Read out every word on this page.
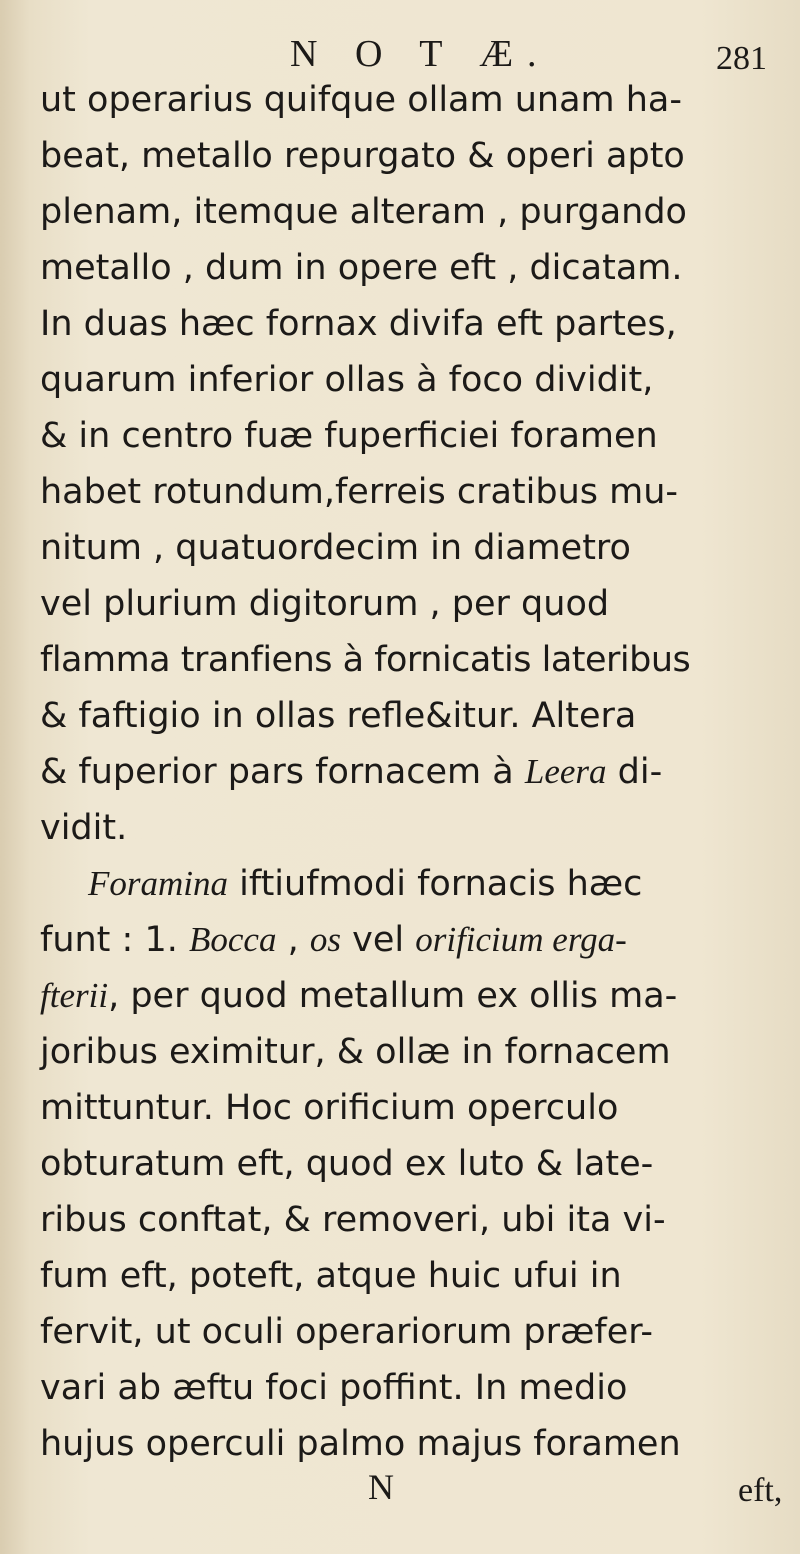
N O T Æ.	281
ut operarius quifque ollam unam ha-
beat, metallo repurgato & operi apto
plenam, itemque alteram , purgando
metallo , dum in opere eft , dicatam.
In duas hæc fornax divifa eft partes,
quarum inferior ollas à foco dividit,
& in centro fuæ fuperficiei foramen
habet rotundum,ferreis cratibus mu-
nitum , quatuordecim in diametro
vel plurium digitorum , per quod
flamma tranfiens à fornicatis lateribus
& faftigio in ollas refle&itur. Altera
& fuperior pars fornacem à Leera di-
vidit.
Foramina iftiufmodi fornacis hæc
funt : 1. Bocca , os vel orificium erga-
fterii, per quod metallum ex ollis ma-
joribus eximitur, & ollæ in fornacem
mittuntur. Hoc orificium operculo
obturatum eft, quod ex luto & late-
ribus conftat, & removeri, ubi ita vi-
fum eft, poteft, atque huic ufui in
fervit, ut oculi operariorum præfer-
vari ab æftu foci poffint. In medio
hujus operculi palmo majus foramen
N	eft,
